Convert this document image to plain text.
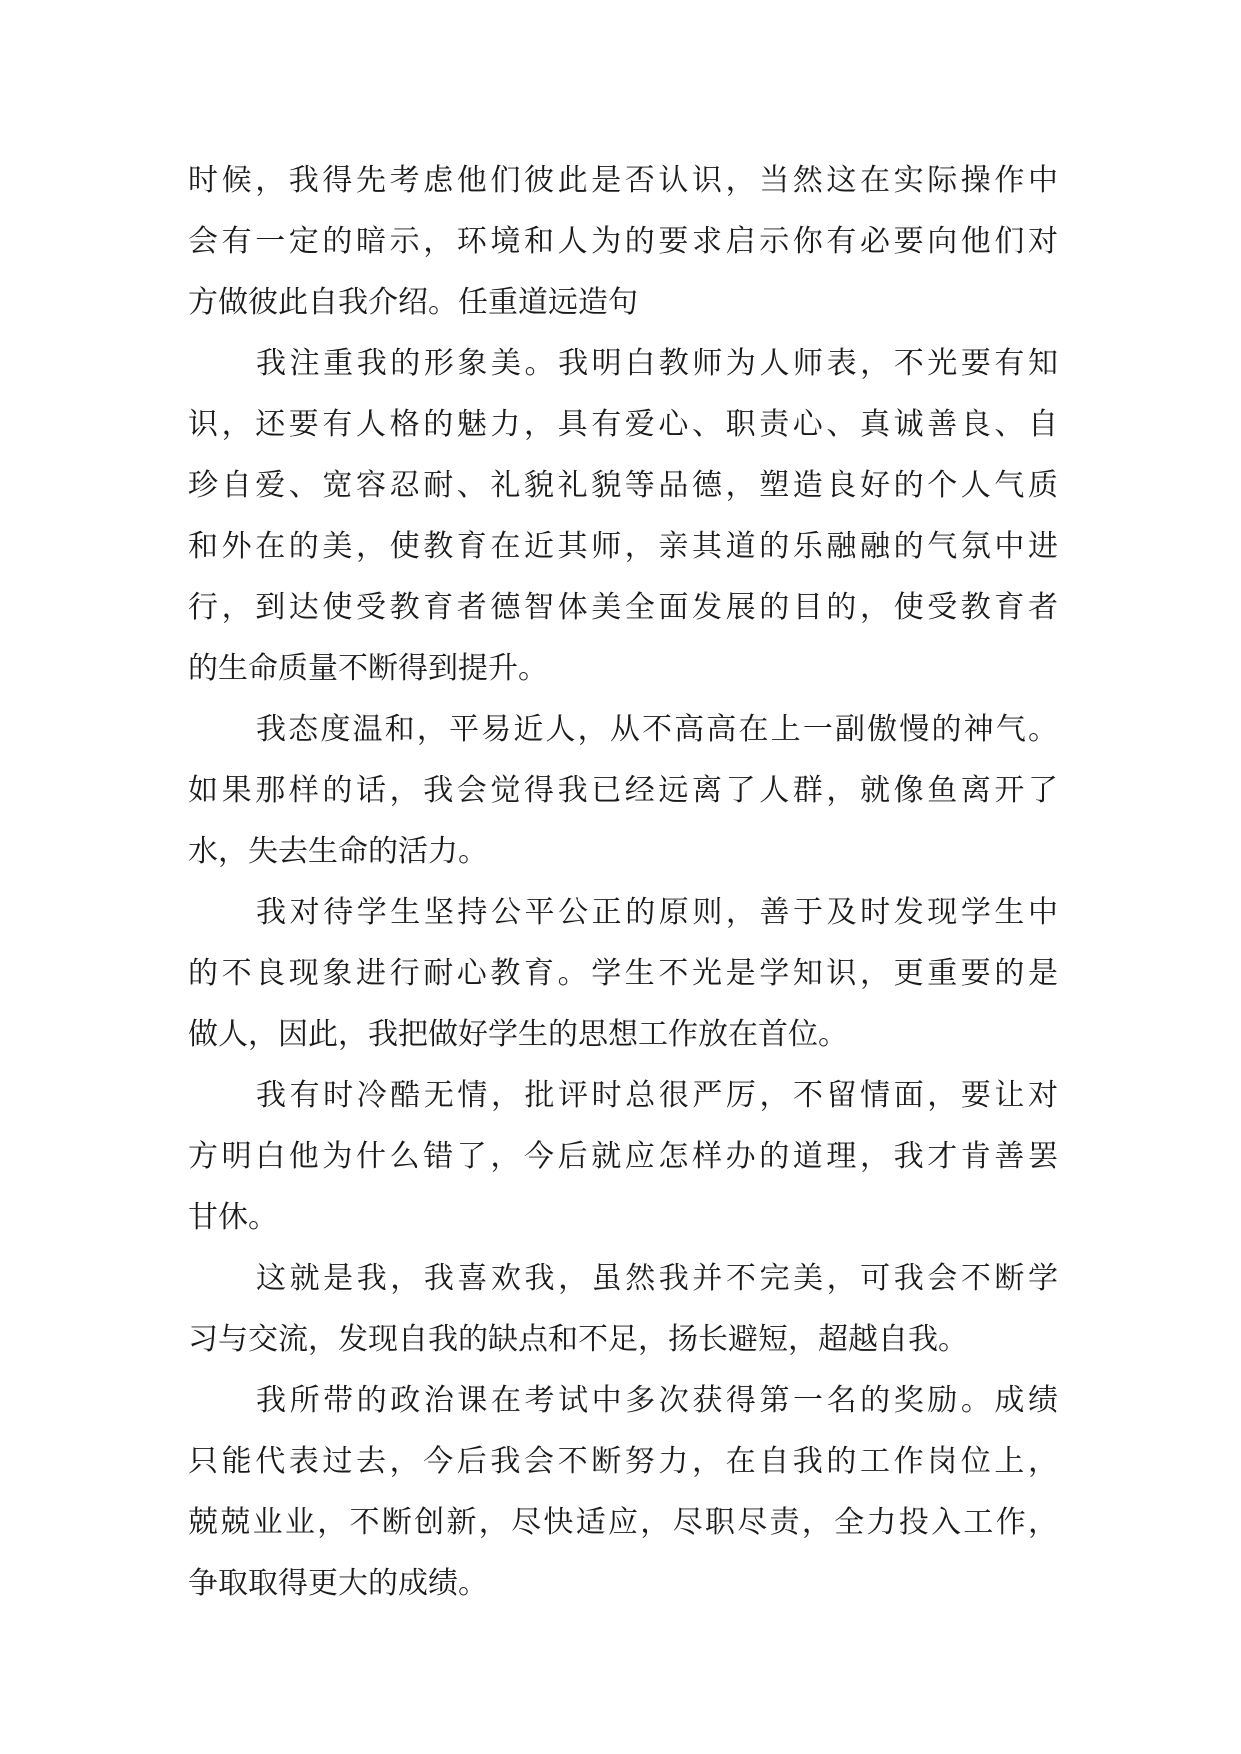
时候，我得先考虑他们彼此是否认识，当然这在实际操作中
会有一定的暗示，环境和人为的要求启示你有必要向他们对
方做彼此自我介绍。任重道远造句
我注重我的形象美。我明白教师为人师表，不光要有知
识，还要有人格的魅力，具有爱心、职责心、真诚善良、自
珍自爱、宽容忍耐、礼貌礼貌等品德，塑造良好的个人气质
和外在的美，使教育在近其师，亲其道的乐融融的气氛中进
行，到达使受教育者德智体美全面发展的目的，使受教育者
的生命质量不断得到提升。
我态度温和，平易近人，从不高高在上一副傲慢的神气。
如果那样的话，我会觉得我已经远离了人群，就像鱼离开了
水，失去生命的活力。
我对待学生坚持公平公正的原则，善于及时发现学生中
的不良现象进行耐心教育。学生不光是学知识，更重要的是
做人，因此，我把做好学生的思想工作放在首位。
我有时冷酷无情，批评时总很严厉，不留情面，要让对
方明白他为什么错了，今后就应怎样办的道理，我才肯善罢
甘休。
这就是我，我喜欢我，虽然我并不完美，可我会不断学
习与交流，发现自我的缺点和不足，扬长避短，超越自我。
我所带的政治课在考试中多次获得第一名的奖励。成绩
只能代表过去，今后我会不断努力，在自我的工作岗位上，
兢兢业业，不断创新，尽快适应，尽职尽责，全力投入工作，
争取取得更大的成绩。
